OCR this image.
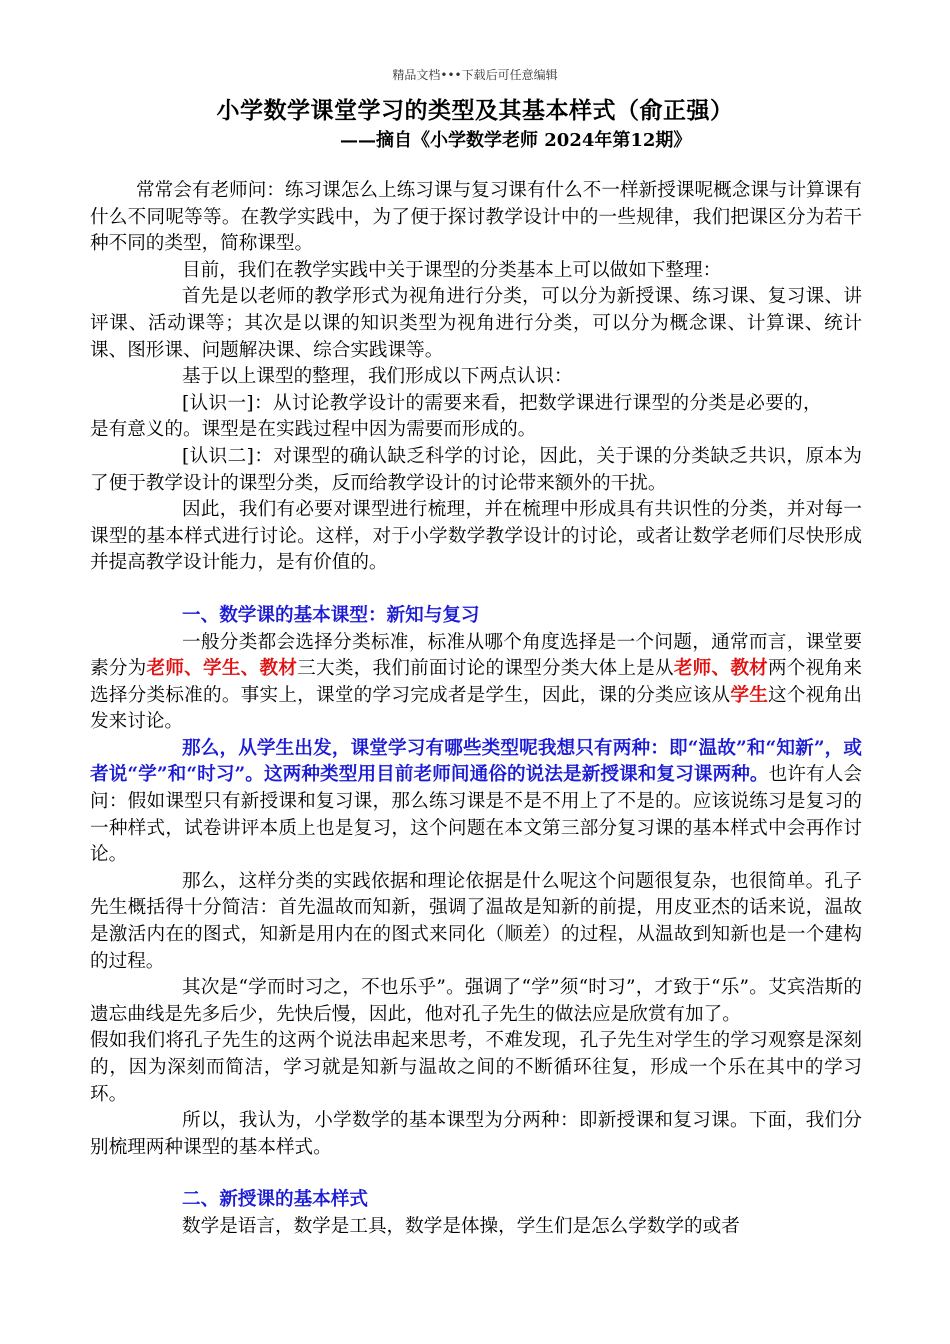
精品文档•••下载后可任意编辑
小学数学课堂学习的类型及其基本样式（俞正强）
——摘自《小学数学老师 2024年第12期》

常常会有老师问：练习课怎么上练习课与复习课有什么不一样新授课呢概念课与计算课有什么不同呢等等。在教学实践中，为了便于探讨教学设计中的一些规律，我们把课区分为若干种不同的类型，简称课型。

目前，我们在教学实践中关于课型的分类基本上可以做如下整理：

首先是以老师的教学形式为视角进行分类，可以分为新授课、练习课、复习课、讲评课、活动课等；其次是以课的知识类型为视角进行分类，可以分为概念课、计算课、统计课、图形课、问题解决课、综合实践课等。

基于以上课型的整理，我们形成以下两点认识：

[认识一]：从讨论教学设计的需要来看，把数学课进行课型的分类是必要的，是有意义的。课型是在实践过程中因为需要而形成的。

[认识二]：对课型的确认缺乏科学的讨论，因此，关于课的分类缺乏共识，原本为了便于教学设计的课型分类，反而给教学设计的讨论带来额外的干扰。

因此，我们有必要对课型进行梳理，并在梳理中形成具有共识性的分类，并对每一课型的基本样式进行讨论。这样，对于小学数学教学设计的讨论，或者让数学老师们尽快形成并提高教学设计能力，是有价值的。

一、数学课的基本课型：新知与复习

一般分类都会选择分类标准，标准从哪个角度选择是一个问题，通常而言，课堂要素分为老师、学生、教材三大类，我们前面讨论的课型分类大体上是从老师、教材两个视角来选择分类标准的。事实上，课堂的学习完成者是学生，因此，课的分类应该从学生这个视角出发来讨论。

那么，从学生出发，课堂学习有哪些类型呢我想只有两种：即“温故”和“知新”，或者说“学”和“时习”。这两种类型用目前老师间通俗的说法是新授课和复习课两种。也许有人会问：假如课型只有新授课和复习课，那么练习课是不是不用上了不是的。应该说练习是复习的一种样式，试卷讲评本质上也是复习，这个问题在本文第三部分复习课的基本样式中会再作讨论。

那么，这样分类的实践依据和理论依据是什么呢这个问题很复杂，也很简单。孔子先生概括得十分简洁：首先温故而知新，强调了温故是知新的前提，用皮亚杰的话来说，温故是激活内在的图式，知新是用内在的图式来同化（顺差）的过程，从温故到知新也是一个建构的过程。

其次是“学而时习之，不也乐乎”。强调了“学”须“时习”，才致于“乐”。艾宾浩斯的遗忘曲线是先多后少，先快后慢，因此，他对孔子先生的做法应是欣赏有加了。

假如我们将孔子先生的这两个说法串起来思考，不难发现，孔子先生对学生的学习观察是深刻的，因为深刻而简洁，学习就是知新与温故之间的不断循环往复，形成一个乐在其中的学习环。

所以，我认为，小学数学的基本课型为分两种：即新授课和复习课。下面，我们分别梳理两种课型的基本样式。

二、新授课的基本样式

数学是语言，数学是工具，数学是体操，学生们是怎么学数学的或者
